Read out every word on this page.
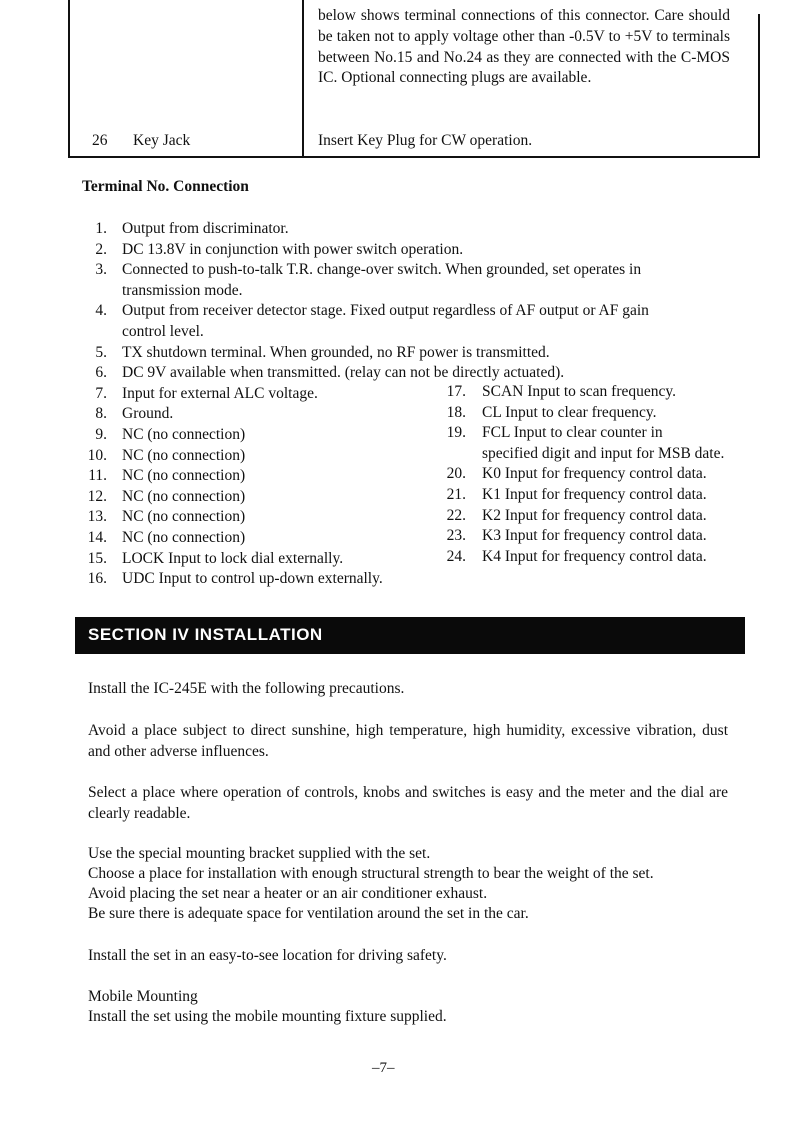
below shows terminal connections of this connector. Care should be taken not to apply voltage other than -0.5V to +5V to terminals between No.15 and No.24 as they are connected with the C-MOS IC. Optional connecting plugs are available.
26 Key Jack	Insert Key Plug for CW operation.
Terminal No. Connection
1. Output from discriminator.
2. DC 13.8V in conjunction with power switch operation.
3. Connected to push-to-talk T.R. change-over switch. When grounded, set operates in
transmission mode.
4. Output from receiver detector stage. Fixed output regardless of AF output or AF gain
control level.
5. TX shutdown terminal. When grounded, no RF power is transmitted.
6. DC 9V available when transmitted. (relay can not be directly actuated).
7. Input for external ALC voltage.
8. Ground.
9. NC (no connection)
10. NC (no connection)
11. NC (no connection)
12. NC (no connection)
13. NC (no connection)
14. NC (no connection)
15. LOCK Input to lock dial externally.
16. UDC Input to control up-down externally.
17. SCAN Input to scan frequency.
18. CL Input to clear frequency.
19. FCL Input to clear counter in
specified digit and input for MSB date.
20. K0 Input for frequency control data.
21. K1 Input for frequency control data.
22. K2 Input for frequency control data.
23. K3 Input for frequency control data.
24. K4 Input for frequency control data.
SECTION IV INSTALLATION
Install the IC-245E with the following precautions.
Avoid a place subject to direct sunshine, high temperature, high humidity, excessive vibration, dust and other adverse influences.
Select a place where operation of controls, knobs and switches is easy and the meter and the dial are clearly readable.
Use the special mounting bracket supplied with the set.
Choose a place for installation with enough structural strength to bear the weight of the set.
Avoid placing the set near a heater or an air conditioner exhaust.
Be sure there is adequate space for ventilation around the set in the car.
Install the set in an easy-to-see location for driving safety.
Mobile Mounting
Install the set using the mobile mounting fixture supplied.
–7–
